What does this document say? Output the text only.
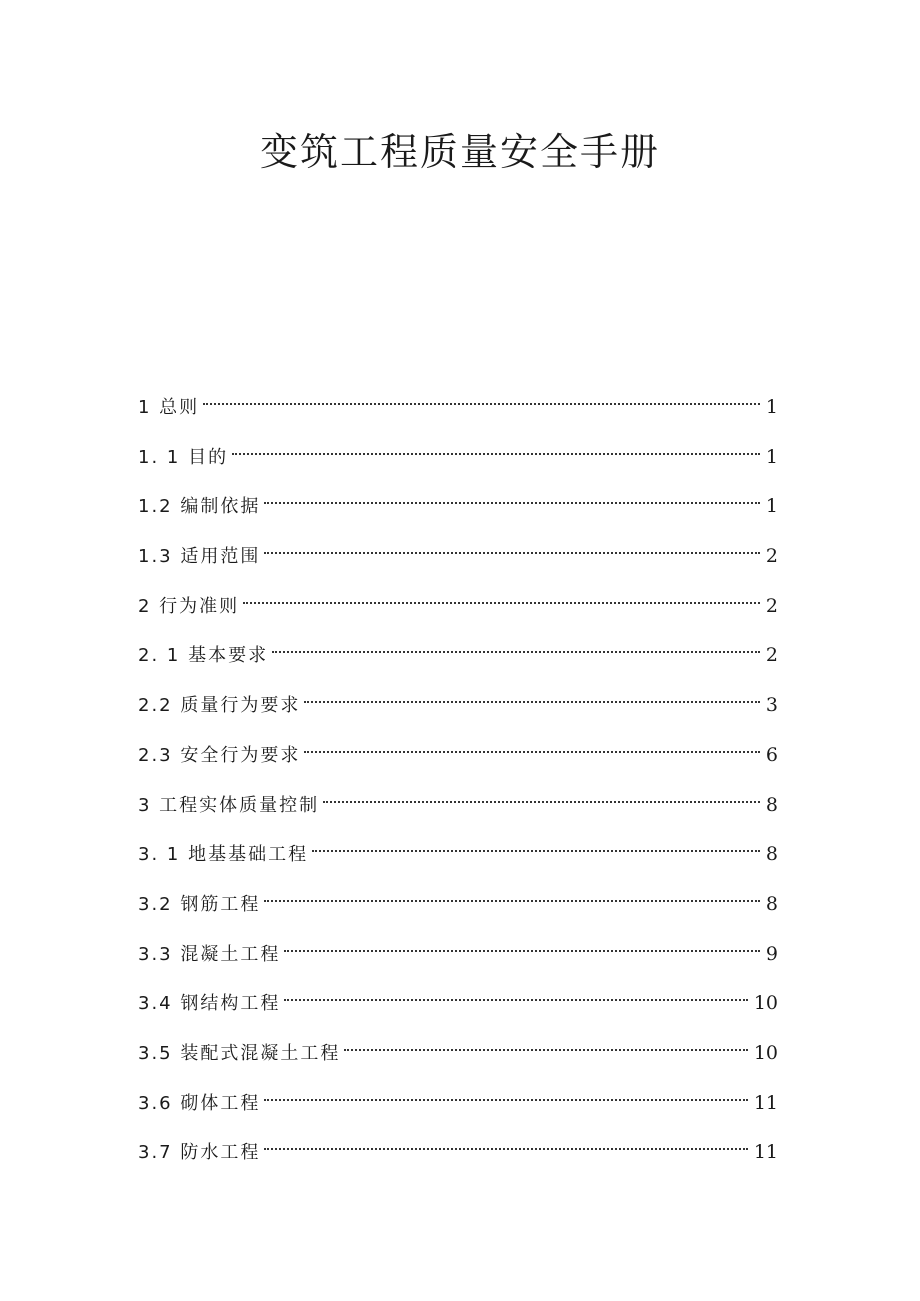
变筑工程质量安全手册
1 总则	1
1. 1 目的	1
1.2 编制依据	1
1.3 适用范围	2
2 行为准则	2
2. 1 基本要求	2
2.2 质量行为要求	3
2.3 安全行为要求	6
3 工程实体质量控制	8
3. 1 地基基础工程	8
3.2 钢筋工程	8
3.3 混凝土工程	9
3.4 钢结构工程	10
3.5 装配式混凝土工程	10
3.6 砌体工程	11
3.7 防水工程	11
